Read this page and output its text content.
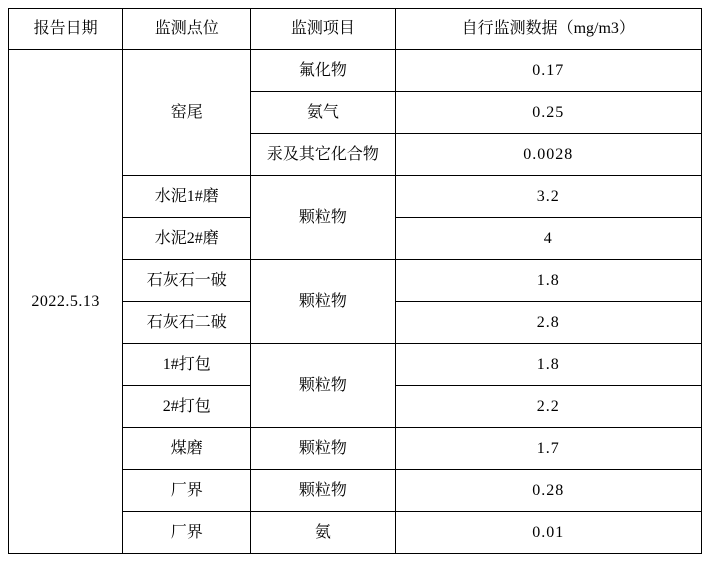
报告日期	监测点位	监测项目	自行监测数据（mg/m3）
2022.5.13	窑尾	氟化物	0.17
		氨气	0.25
		汞及其它化合物	0.0028
	水泥1#磨	颗粒物	3.2
	水泥2#磨		4
	石灰石一破	颗粒物	1.8
	石灰石二破		2.8
	1#打包	颗粒物	1.8
	2#打包		2.2
	煤磨	颗粒物	1.7
	厂界	颗粒物	0.28
	厂界	氨	0.01
